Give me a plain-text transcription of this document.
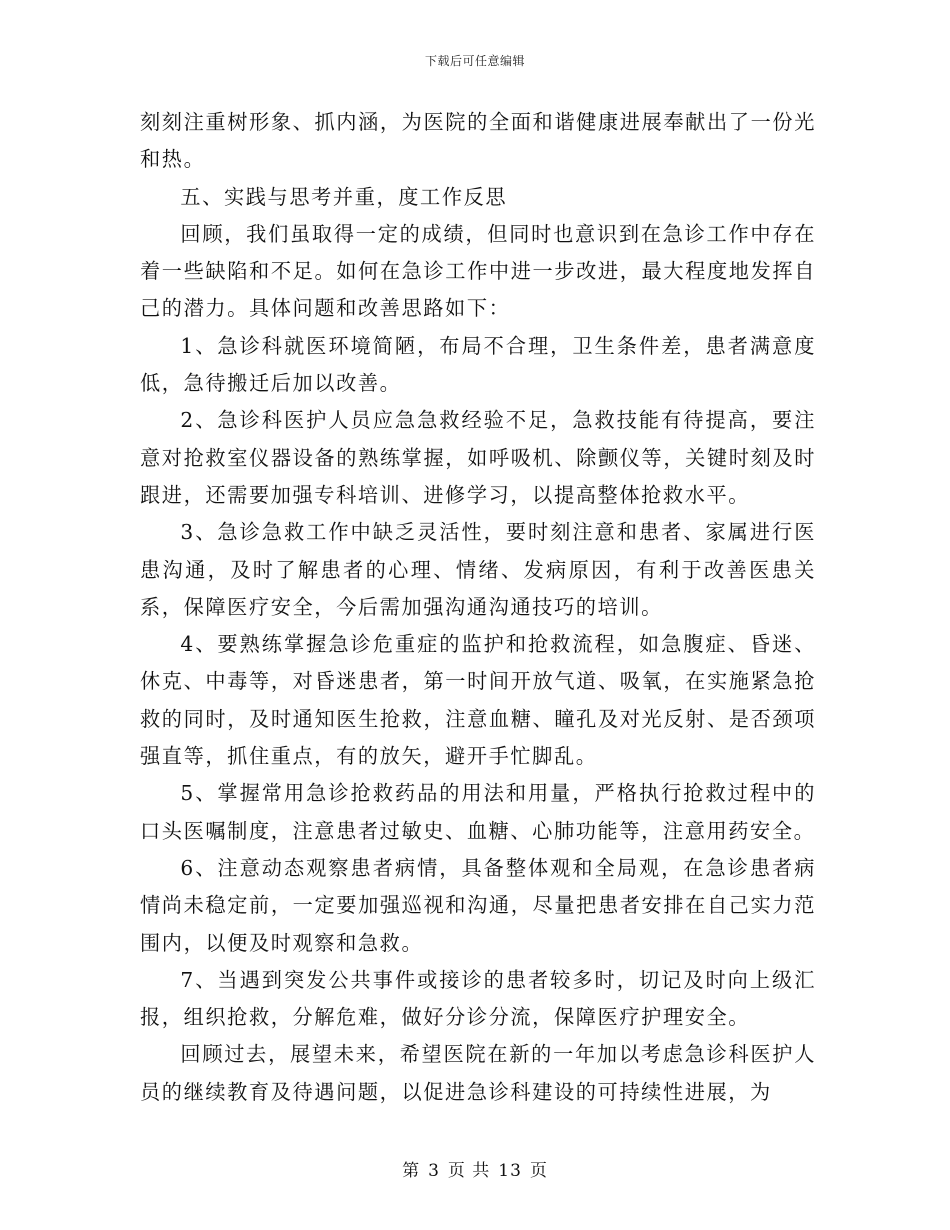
下载后可任意编辑

刻刻注重树形象、抓内涵，为医院的全面和谐健康进展奉献出了一份光和热。

五、实践与思考并重，度工作反思

回顾，我们虽取得一定的成绩，但同时也意识到在急诊工作中存在着一些缺陷和不足。如何在急诊工作中进一步改进，最大程度地发挥自己的潜力。具体问题和改善思路如下：

1、急诊科就医环境简陋，布局不合理，卫生条件差，患者满意度低，急待搬迁后加以改善。

2、急诊科医护人员应急急救经验不足，急救技能有待提高，要注意对抢救室仪器设备的熟练掌握，如呼吸机、除颤仪等，关键时刻及时跟进，还需要加强专科培训、进修学习，以提高整体抢救水平。

3、急诊急救工作中缺乏灵活性，要时刻注意和患者、家属进行医患沟通，及时了解患者的心理、情绪、发病原因，有利于改善医患关系，保障医疗安全，今后需加强沟通沟通技巧的培训。

4、要熟练掌握急诊危重症的监护和抢救流程，如急腹症、昏迷、休克、中毒等，对昏迷患者，第一时间开放气道、吸氧，在实施紧急抢救的同时，及时通知医生抢救，注意血糖、瞳孔及对光反射、是否颈项强直等，抓住重点，有的放矢，避开手忙脚乱。

5、掌握常用急诊抢救药品的用法和用量，严格执行抢救过程中的口头医嘱制度，注意患者过敏史、血糖、心肺功能等，注意用药安全。

6、注意动态观察患者病情，具备整体观和全局观，在急诊患者病情尚未稳定前，一定要加强巡视和沟通，尽量把患者安排在自己实力范围内，以便及时观察和急救。

7、当遇到突发公共事件或接诊的患者较多时，切记及时向上级汇报，组织抢救，分解危难，做好分诊分流，保障医疗护理安全。

回顾过去，展望未来，希望医院在新的一年加以考虑急诊科医护人员的继续教育及待遇问题，以促进急诊科建设的可持续性进展，为

第 3 页 共 13 页
